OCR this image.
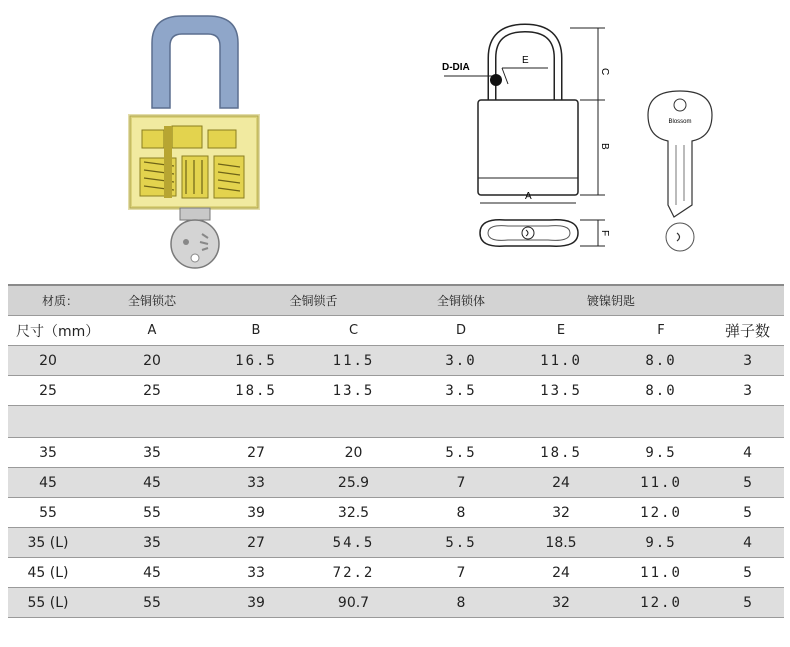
D-DIA
E
C
B
A
F
Blossom
材质：	全铜锁芯	全铜锁舌		全铜锁体	镀镍钥匙		
尺寸（mm）	A	B	C	D	E	F	弹子数
20	20	16.5	11.5	3.0	11.0	8.0	3
25	25	18.5	13.5	3.5	13.5	8.0	3

35	35	27	20	5.5	18.5	9.5	4
45	45	33	25.9	7	24	11.0	5
55	55	39	32.5	8	32	12.0	5
35 (L)	35	27	54.5	5.5	18.5	9.5	4
45 (L)	45	33	72.2	7	24	11.0	5
55 (L)	55	39	90.7	8	32	12.0	5
